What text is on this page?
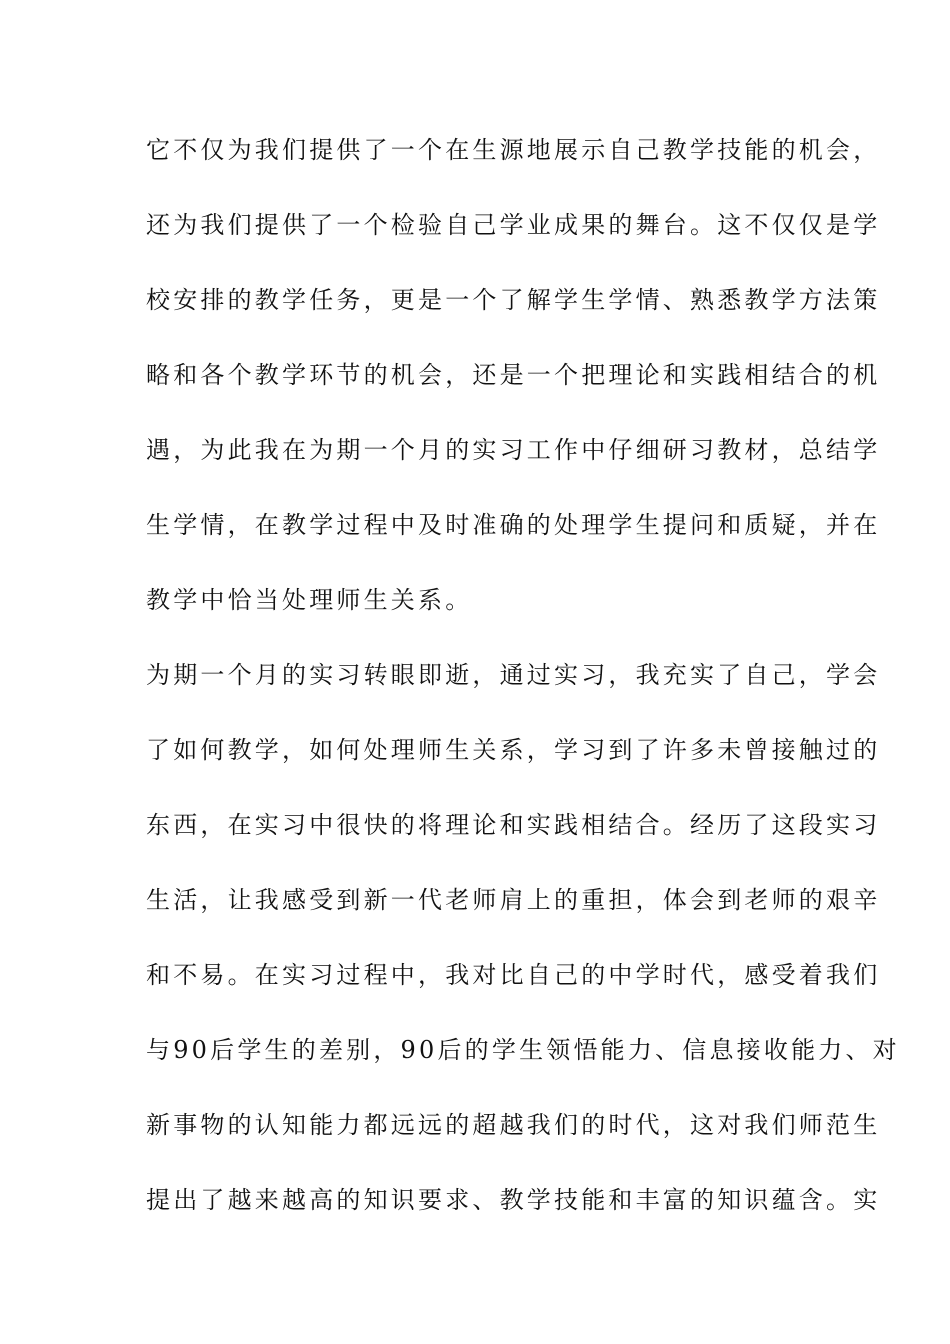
它不仅为我们提供了一个在生源地展示自己教学技能的机会，
还为我们提供了一个检验自己学业成果的舞台。这不仅仅是学
校安排的教学任务，更是一个了解学生学情、熟悉教学方法策
略和各个教学环节的机会，还是一个把理论和实践相结合的机
遇，为此我在为期一个月的实习工作中仔细研习教材，总结学
生学情，在教学过程中及时准确的处理学生提问和质疑，并在
教学中恰当处理师生关系。
为期一个月的实习转眼即逝，通过实习，我充实了自己，学会
了如何教学，如何处理师生关系，学习到了许多未曾接触过的
东西，在实习中很快的将理论和实践相结合。经历了这段实习
生活，让我感受到新一代老师肩上的重担，体会到老师的艰辛
和不易。在实习过程中，我对比自己的中学时代，感受着我们
与90后学生的差别，90后的学生领悟能力、信息接收能力、对
新事物的认知能力都远远的超越我们的时代，这对我们师范生
提出了越来越高的知识要求、教学技能和丰富的知识蕴含。实
